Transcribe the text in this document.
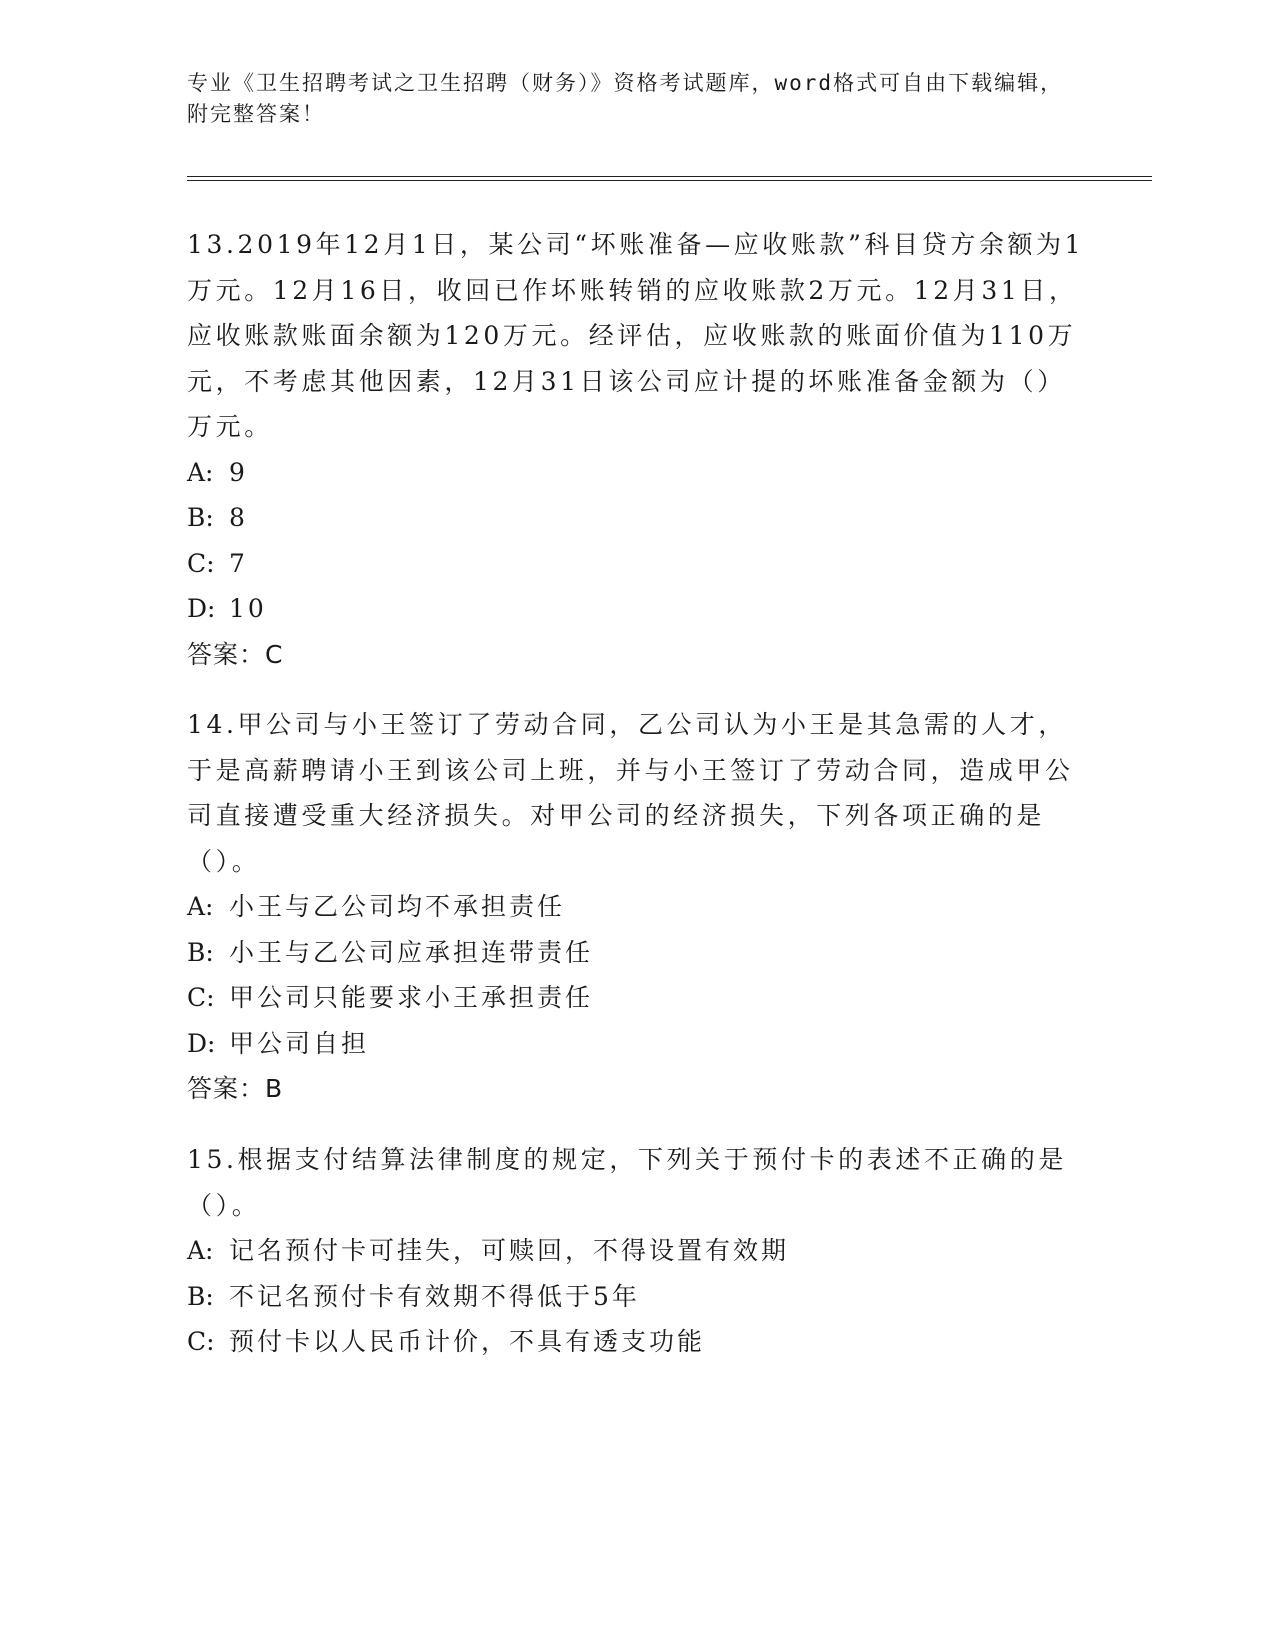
专业《卫生招聘考试之卫生招聘（财务）》资格考试题库，word格式可自由下载编辑，附完整答案！

13.2019年12月1日，某公司“坏账准备—应收账款”科目贷方余额为1万元。12月16日，收回已作坏账转销的应收账款2万元。12月31日，应收账款账面余额为120万元。经评估，应收账款的账面价值为110万元，不考虑其他因素，12月31日该公司应计提的坏账准备金额为（）万元。

A: 9

B: 8

C: 7

D: 10

答案：C

14.甲公司与小王签订了劳动合同，乙公司认为小王是其急需的人才，于是高薪聘请小王到该公司上班，并与小王签订了劳动合同，造成甲公司直接遭受重大经济损失。对甲公司的经济损失，下列各项正确的是（）。

A: 小王与乙公司均不承担责任

B: 小王与乙公司应承担连带责任

C: 甲公司只能要求小王承担责任

D: 甲公司自担

答案：B

15.根据支付结算法律制度的规定，下列关于预付卡的表述不正确的是（）。

A: 记名预付卡可挂失，可赎回，不得设置有效期

B: 不记名预付卡有效期不得低于5年

C: 预付卡以人民币计价，不具有透支功能
